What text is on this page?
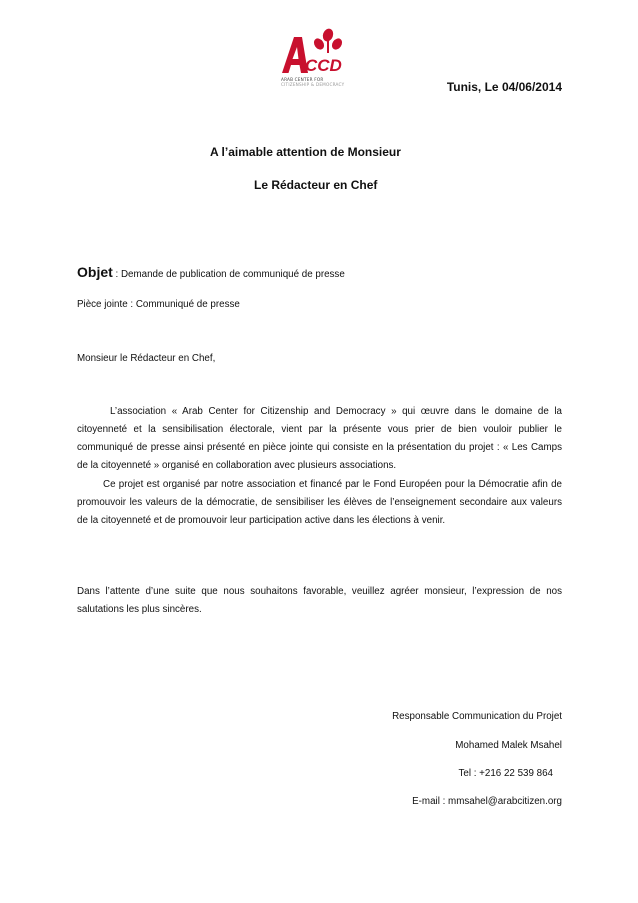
CCD
ARAB CENTER FOR
CITIZENSHIP & DEMOCRACY	Tunis, Le 04/06/2014
A l’aimable attention de Monsieur
Le Rédacteur en Chef
Objet : Demande de publication de communiqué de presse
Pièce jointe : Communiqué de presse
Monsieur le Rédacteur en Chef,
L’association « Arab Center for Citizenship and Democracy » qui œuvre dans le domaine de la citoyenneté et la sensibilisation électorale, vient par la présente vous prier de bien vouloir publier le communiqué de presse ainsi présenté en pièce jointe qui consiste en la présentation du projet : « Les Camps de la citoyenneté » organisé en collaboration avec plusieurs associations.
Ce projet est organisé par notre association et financé par le Fond Européen pour la Démocratie afin de promouvoir les valeurs de la démocratie, de sensibiliser les élèves de l’enseignement secondaire aux valeurs de la citoyenneté et de promouvoir leur participation active dans les élections à venir.
Dans l’attente d’une suite que nous souhaitons favorable, veuillez agréer monsieur, l’expression de nos salutations les plus sincères.
Responsable Communication du Projet
Mohamed Malek Msahel
Tel : +216 22 539 864
E-mail : mmsahel@arabcitizen.org
